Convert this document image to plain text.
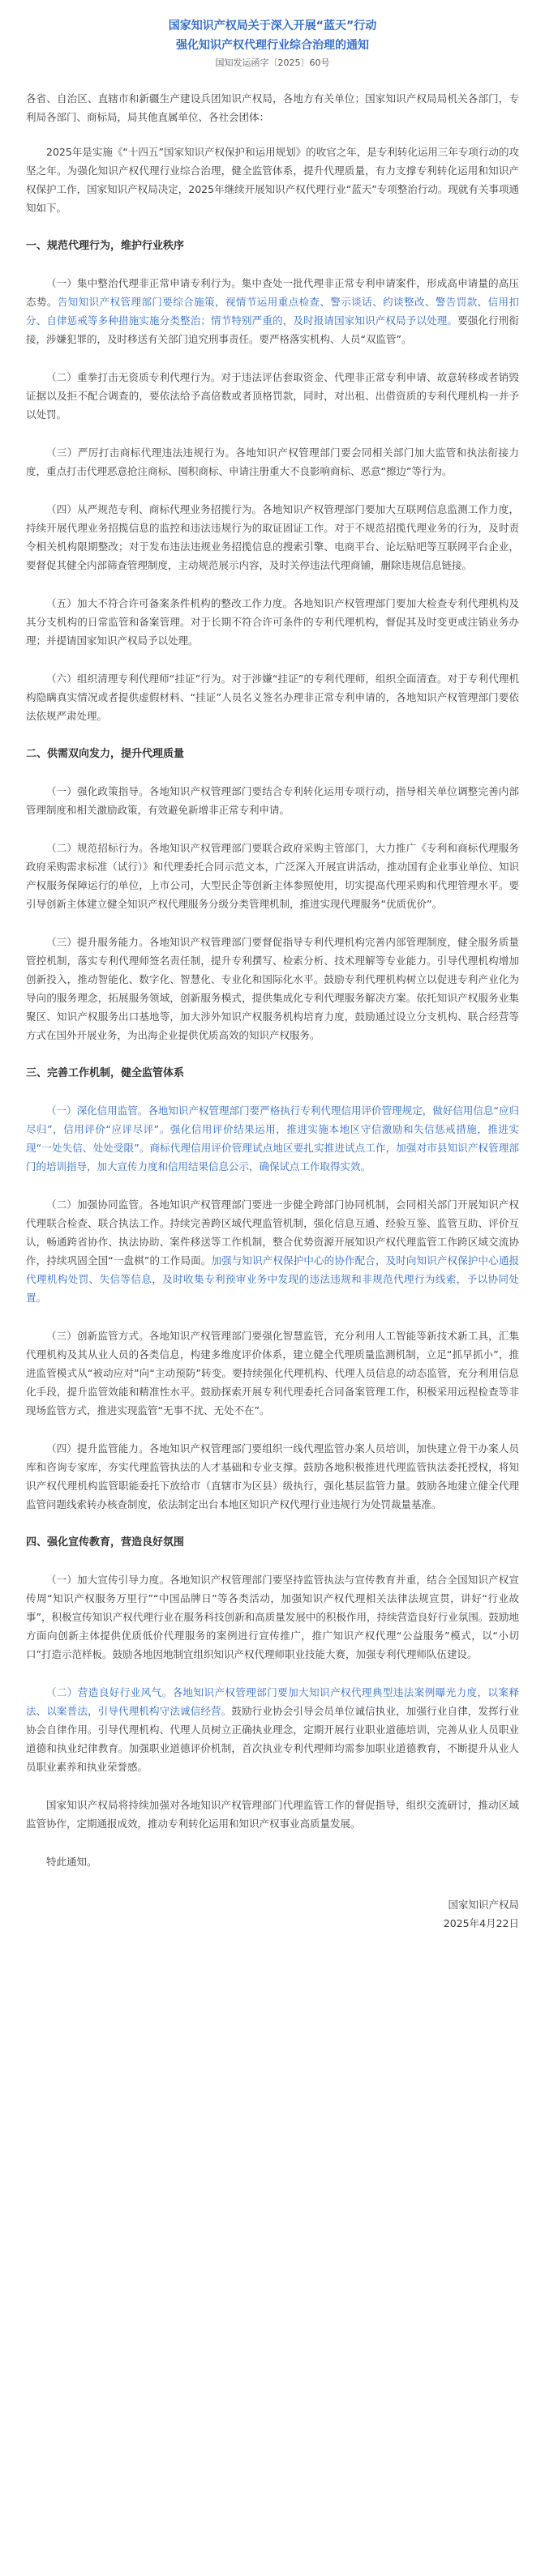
国家知识产权局关于深入开展“蓝天”行动
强化知识产权代理行业综合治理的通知
国知发运函字〔2025〕60号

各省、自治区、直辖市和新疆生产建设兵团知识产权局，各地方有关单位；国家知识产权局局机关各部门，专利局各部门、商标局，局其他直属单位、各社会团体：

2025年是实施《“十四五”国家知识产权保护和运用规划》的收官之年，是专利转化运用三年专项行动的攻坚之年。为强化知识产权代理行业综合治理，健全监管体系，提升代理质量，有力支撑专利转化运用和知识产权保护工作，国家知识产权局决定，2025年继续开展知识产权代理行业“蓝天”专项整治行动。现就有关事项通知如下。

一、规范代理行为，维护行业秩序

（一）集中整治代理非正常申请专利行为。集中查处一批代理非正常专利申请案件，形成高申请量的高压态势。告知知识产权管理部门要综合施策，视情节运用重点检查、警示谈话、约谈整改、警告罚款、信用扣分、自律惩戒等多种措施实施分类整治；情节特别严重的，及时报请国家知识产权局予以处理。要强化行刑衔接，涉嫌犯罪的，及时移送有关部门追究刑事责任。要严格落实机构、人员“双监管”。

（二）重拳打击无资质专利代理行为。对于违法评估套取资金、代理非正常专利申请、故意转移或者销毁证据以及拒不配合调查的，要依法给予高倍数或者顶格罚款，同时，对出租、出借资质的专利代理机构一并予以处罚。

（三）严厉打击商标代理违法违规行为。各地知识产权管理部门要会同相关部门加大监管和执法衔接力度，重点打击代理恶意抢注商标、囤积商标、申请注册重大不良影响商标、恶意“擦边”等行为。

（四）从严规范专利、商标代理业务招揽行为。各地知识产权管理部门要加大互联网信息监测工作力度，持续开展代理业务招揽信息的监控和违法违规行为的取证固证工作。对于不规范招揽代理业务的行为，及时责令相关机构限期整改；对于发布违法违规业务招揽信息的搜索引擎、电商平台、论坛贴吧等互联网平台企业，要督促其健全内部筛查管理制度，主动规范展示内容，及时关停违法代理商铺，删除违规信息链接。

（五）加大不符合许可备案条件机构的整改工作力度。各地知识产权管理部门要加大检查专利代理机构及其分支机构的日常监管和备案管理。对于长期不符合许可条件的专利代理机构，督促其及时变更或注销业务办理；并提请国家知识产权局予以处理。

（六）组织清理专利代理师“挂证”行为。对于涉嫌“挂证”的专利代理师，组织全面清查。对于专利代理机构隐瞒真实情况或者提供虚假材料、“挂证”人员名义签名办理非正常专利申请的，各地知识产权管理部门要依法依规严肃处理。

二、供需双向发力，提升代理质量

（一）强化政策指导。各地知识产权管理部门要结合专利转化运用专项行动，指导相关单位调整完善内部管理制度和相关激励政策，有效避免新增非正常专利申请。

（二）规范招标行为。各地知识产权管理部门要联合政府采购主管部门，大力推广《专利和商标代理服务政府采购需求标准（试行）》和代理委托合同示范文本，广泛深入开展宣讲活动，推动国有企业事业单位、知识产权服务保障运行的单位，上市公司，大型民企等创新主体参照使用，切实提高代理采购和代理管理水平。要引导创新主体建立健全知识产权代理服务分级分类管理机制，推进实现代理服务“优质优价”。

（三）提升服务能力。各地知识产权管理部门要督促指导专利代理机构完善内部管理制度，健全服务质量管控机制，落实专利代理师签名责任制，提升专利撰写、检索分析、技术理解等专业能力。引导代理机构增加创新投入，推动智能化、数字化、智慧化、专业化和国际化水平。鼓励专利代理机构树立以促进专利产业化为导向的服务理念，拓展服务领域，创新服务模式，提供集成化专利代理服务解决方案。依托知识产权服务业集聚区、知识产权服务出口基地等，加大涉外知识产权服务机构培育力度，鼓励通过设立分支机构、联合经营等方式在国外开展业务，为出海企业提供优质高效的知识产权服务。

三、完善工作机制，健全监管体系

（一）深化信用监管。各地知识产权管理部门要严格执行专利代理信用评价管理规定，做好信用信息“应归尽归”，信用评价“应评尽评”。强化信用评价结果运用，推进实施本地区守信激励和失信惩戒措施，推进实现“一处失信、处处受限”。商标代理信用评价管理试点地区要扎实推进试点工作，加强对市县知识产权管理部门的培训指导，加大宣传力度和信用结果信息公示，确保试点工作取得实效。

（二）加强协同监管。各地知识产权管理部门要进一步健全跨部门协同机制，会同相关部门开展知识产权代理联合检查、联合执法工作。持续完善跨区域代理监管机制，强化信息互通、经验互鉴、监管互助、评价互认，畅通跨省协作、执法协助、案件移送等工作机制，整合优势资源开展知识产权代理监管工作跨区域交流协作，持续巩固全国“一盘棋”的工作局面。加强与知识产权保护中心的协作配合，及时向知识产权保护中心通报代理机构处罚、失信等信息，及时收集专利预审业务中发现的违法违规和非规范代理行为线索，予以协同处置。

（三）创新监管方式。各地知识产权管理部门要强化智慧监管，充分利用人工智能等新技术新工具，汇集代理机构及其从业人员的各类信息，构建多维度评价体系，建立健全代理质量监测机制，立足“抓早抓小”，推进监管模式从“被动应对”向“主动预防”转变。要持续强化代理机构、代理人员信息的动态监管，充分利用信息化手段，提升监管效能和精准性水平。鼓励探索开展专利代理委托合同备案管理工作，积极采用远程检查等非现场监管方式，推进实现监管“无事不扰、无处不在”。

（四）提升监管能力。各地知识产权管理部门要组织一线代理监管办案人员培训，加快建立骨干办案人员库和咨询专家库，夯实代理监管执法的人才基础和专业支撑。鼓励各地积极推进代理监管执法委托授权，将知识产权代理机构监管职能委托下放给市（直辖市为区县）级执行，强化基层监管力量。鼓励各地建立健全代理监管问题线索转办核查制度，依法制定出台本地区知识产权代理行业违规行为处罚裁量基准。

四、强化宣传教育，营造良好氛围

（一）加大宣传引导力度。各地知识产权管理部门要坚持监管执法与宣传教育并重，结合全国知识产权宣传周“知识产权服务万里行”“中国品牌日”等各类活动，加强知识产权代理相关法律法规宣贯，讲好“行业故事”，积极宣传知识产权代理行业在服务科技创新和高质量发展中的积极作用，持续营造良好行业氛围。鼓励地方面向创新主体提供优质低价代理服务的案例进行宣传推广，推广知识产权代理“公益服务”模式，以“小切口”打造示范样板。鼓励各地因地制宜组织知识产权代理师职业技能大赛，加强专利代理师队伍建设。

（二）营造良好行业风气。各地知识产权管理部门要加大知识产权代理典型违法案例曝光力度，以案释法、以案普法，引导代理机构守法诚信经营。鼓励行业协会引导会员单位诚信执业，加强行业自律，发挥行业协会自律作用。引导代理机构、代理人员树立正确执业理念，定期开展行业职业道德培训，完善从业人员职业道德和执业纪律教育。加强职业道德评价机制，首次执业专利代理师均需参加职业道德教育，不断提升从业人员职业素养和执业荣誉感。

国家知识产权局将持续加强对各地知识产权管理部门代理监管工作的督促指导，组织交流研讨，推动区域监管协作，定期通报成效，推动专利转化运用和知识产权事业高质量发展。

特此通知。

国家知识产权局

2025年4月22日
